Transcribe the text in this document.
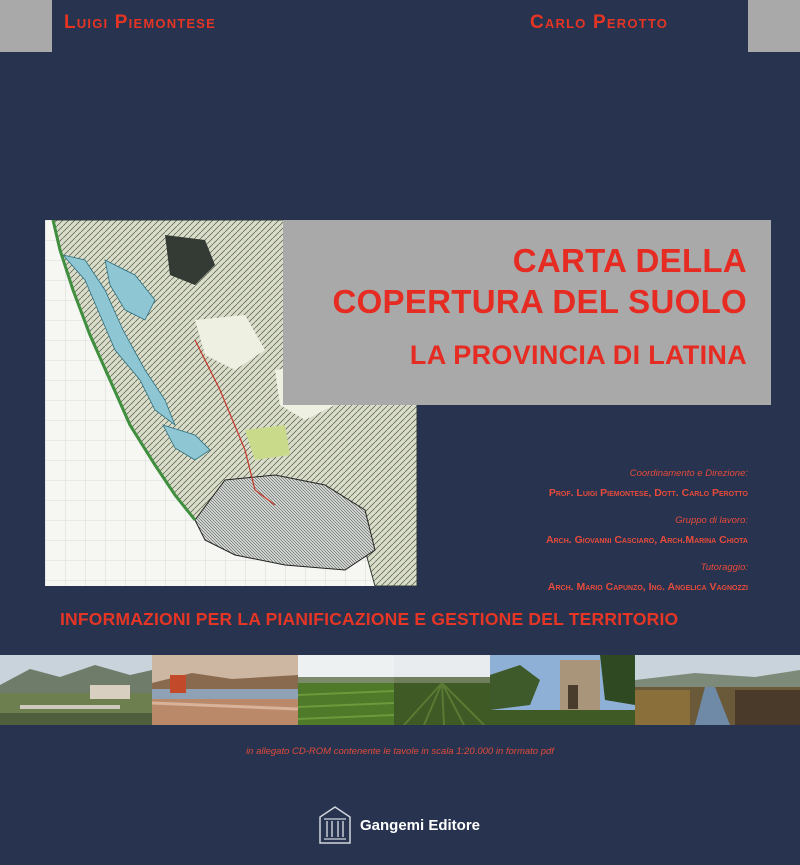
Luigi Piemontese	Carlo Perotto
CARTA DELLA
COPERTURA DEL SUOLO
LA PROVINCIA DI LATINA
Coordinamento e Direzione:
Prof. Luigi Piemontese, Dott. Carlo Perotto
Gruppo di lavoro:
Arch. Giovanni Casciaro, Arch.Marina Chiota
Tutoraggio:
Arch. Mario Capunzo, Ing. Angelica Vagnozzi
INFORMAZIONI PER LA PIANIFICAZIONE E GESTIONE DEL TERRITORIO
in allegato CD-ROM contenente le tavole in scala 1:20.000 in formato pdf
Gangemi Editore
